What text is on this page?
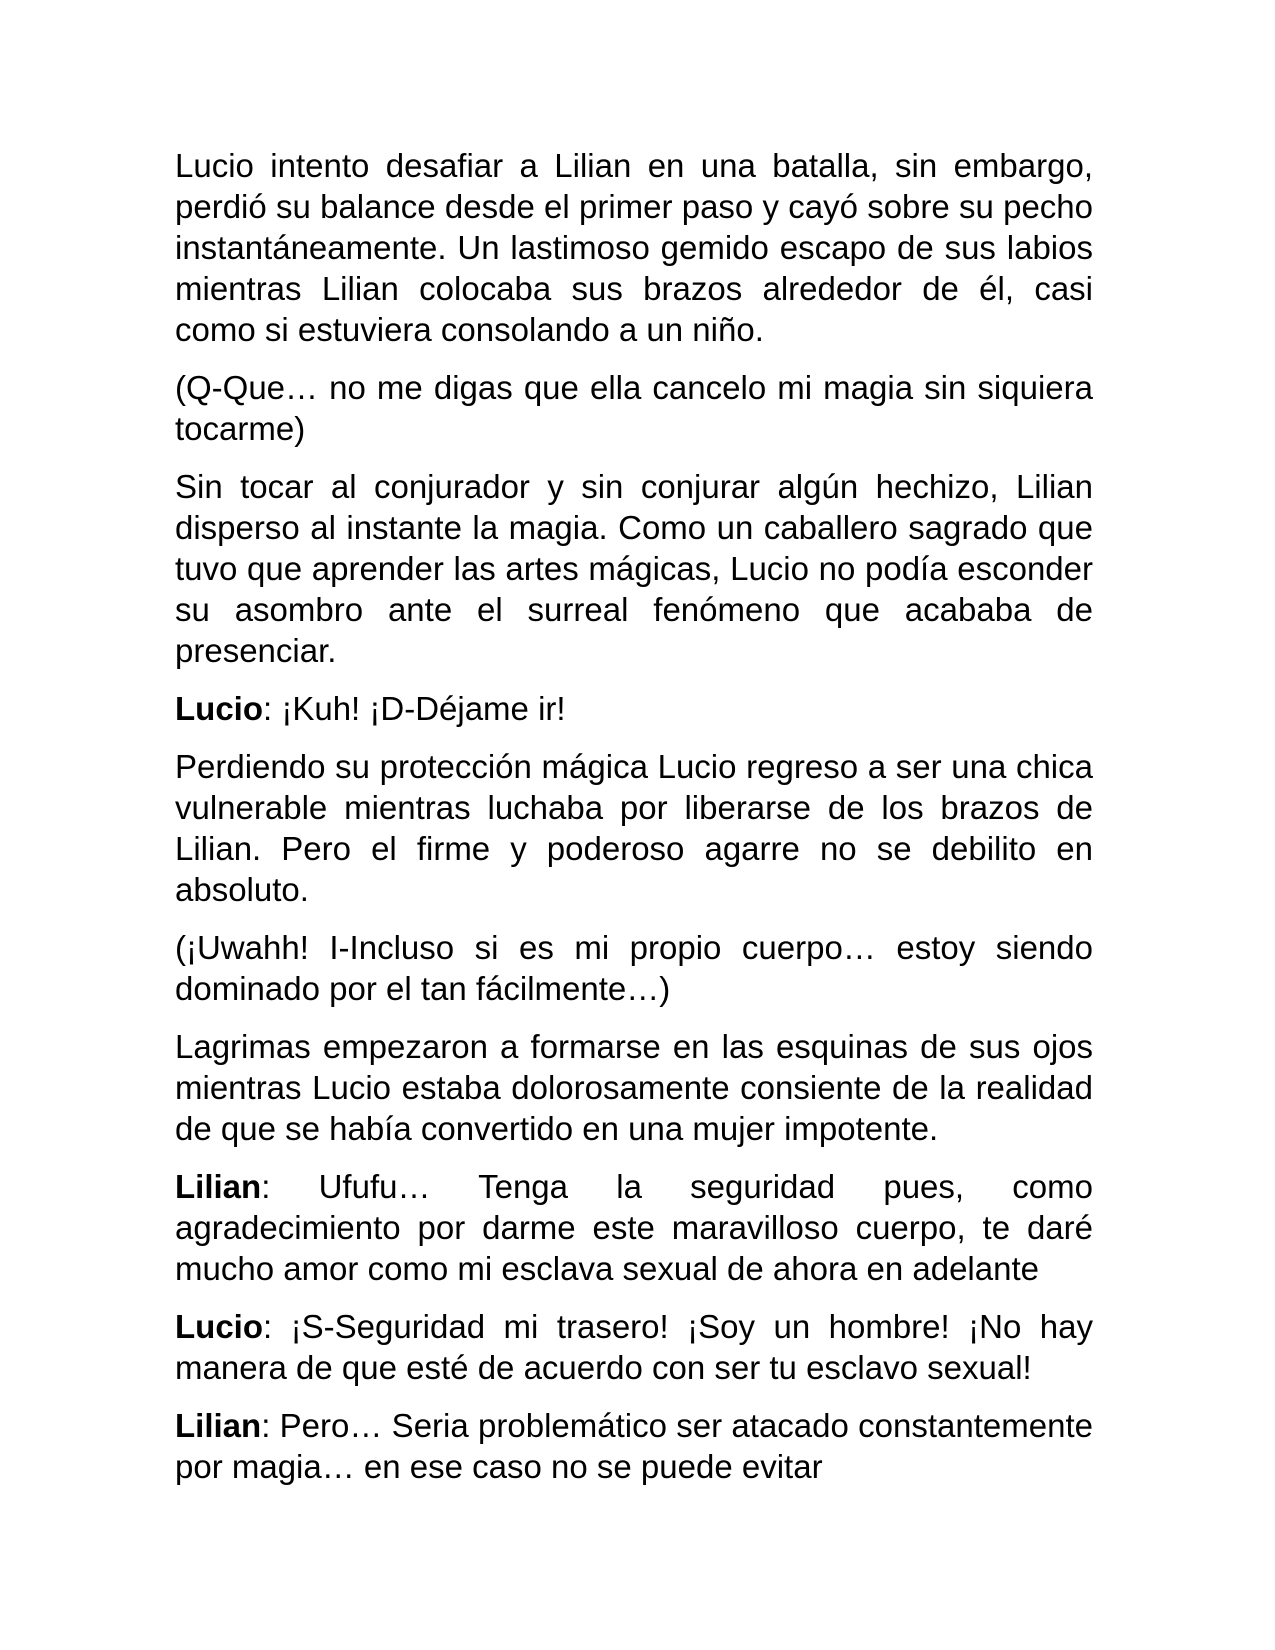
Lucio intento desafiar a Lilian en una batalla, sin embargo, perdió su balance desde el primer paso y cayó sobre su pecho instantáneamente. Un lastimoso gemido escapo de sus labios mientras Lilian colocaba sus brazos alrededor de él, casi como si estuviera consolando a un niño.

(Q-Que… no me digas que ella cancelo mi magia sin siquiera tocarme)

Sin tocar al conjurador y sin conjurar algún hechizo, Lilian disperso al instante la magia. Como un caballero sagrado que tuvo que aprender las artes mágicas, Lucio no podía esconder su asombro ante el surreal fenómeno que acababa de presenciar.

Lucio: ¡Kuh! ¡D-Déjame ir!

Perdiendo su protección mágica Lucio regreso a ser una chica vulnerable mientras luchaba por liberarse de los brazos de Lilian. Pero el firme y poderoso agarre no se debilito en absoluto.

(¡Uwahh! I-Incluso si es mi propio cuerpo… estoy siendo dominado por el tan fácilmente…)

Lagrimas empezaron a formarse en las esquinas de sus ojos mientras Lucio estaba dolorosamente consiente de la realidad de que se había convertido en una mujer impotente.

Lilian: Ufufu… Tenga la seguridad pues, como agradecimiento por darme este maravilloso cuerpo, te daré mucho amor como mi esclava sexual de ahora en adelante

Lucio: ¡S-Seguridad mi trasero! ¡Soy un hombre! ¡No hay manera de que esté de acuerdo con ser tu esclavo sexual!

Lilian: Pero… Seria problemático ser atacado constantemente por magia… en ese caso no se puede evitar
